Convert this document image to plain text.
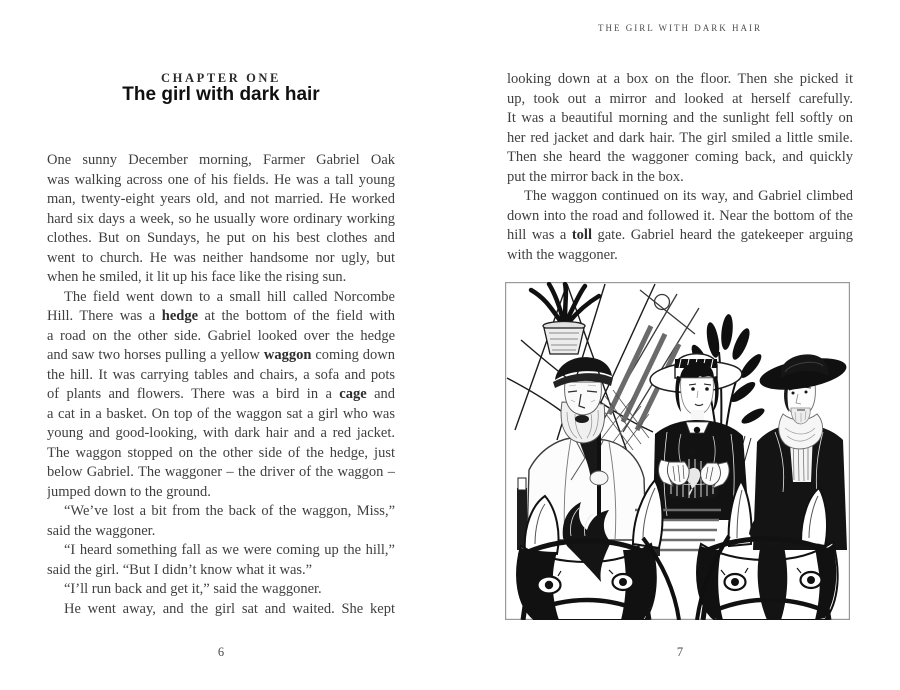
CHAPTER ONE
The girl with dark hair
One sunny December morning, Farmer Gabriel Oak
was walking across one of his fields. He was a tall young
man, twenty-eight years old, and not married. He worked
hard six days a week, so he usually wore ordinary working
clothes. But on Sundays, he put on his best clothes and
went to church. He was neither handsome nor ugly, but
when he smiled, it lit up his face like the rising sun.
The field went down to a small hill called Norcombe
Hill. There was a hedge at the bottom of the field with
a road on the other side. Gabriel looked over the hedge
and saw two horses pulling a yellow waggon coming down
the hill. It was carrying tables and chairs, a sofa and pots
of plants and flowers. There was a bird in a cage and
a cat in a basket. On top of the waggon sat a girl who was
young and good-looking, with dark hair and a red jacket.
The waggon stopped on the other side of the hedge, just
below Gabriel. The waggoner – the driver of the waggon –
jumped down to the ground.
“We’ve lost a bit from the back of the waggon, Miss,”
said the waggoner.
“I heard something fall as we were coming up the hill,”
said the girl. “But I didn’t know what it was.”
“I’ll run back and get it,” said the waggoner.
He went away, and the girl sat and waited. She kept
6
THE GIRL WITH DARK HAIR
looking down at a box on the floor. Then she picked it
up, took out a mirror and looked at herself carefully.
It was a beautiful morning and the sunlight fell softly on
her red jacket and dark hair. The girl smiled a little smile.
Then she heard the waggoner coming back, and quickly
put the mirror back in the box.
The waggon continued on its way, and Gabriel climbed
down into the road and followed it. Near the bottom of the
hill was a toll gate. Gabriel heard the gatekeeper arguing
with the waggoner.
7
